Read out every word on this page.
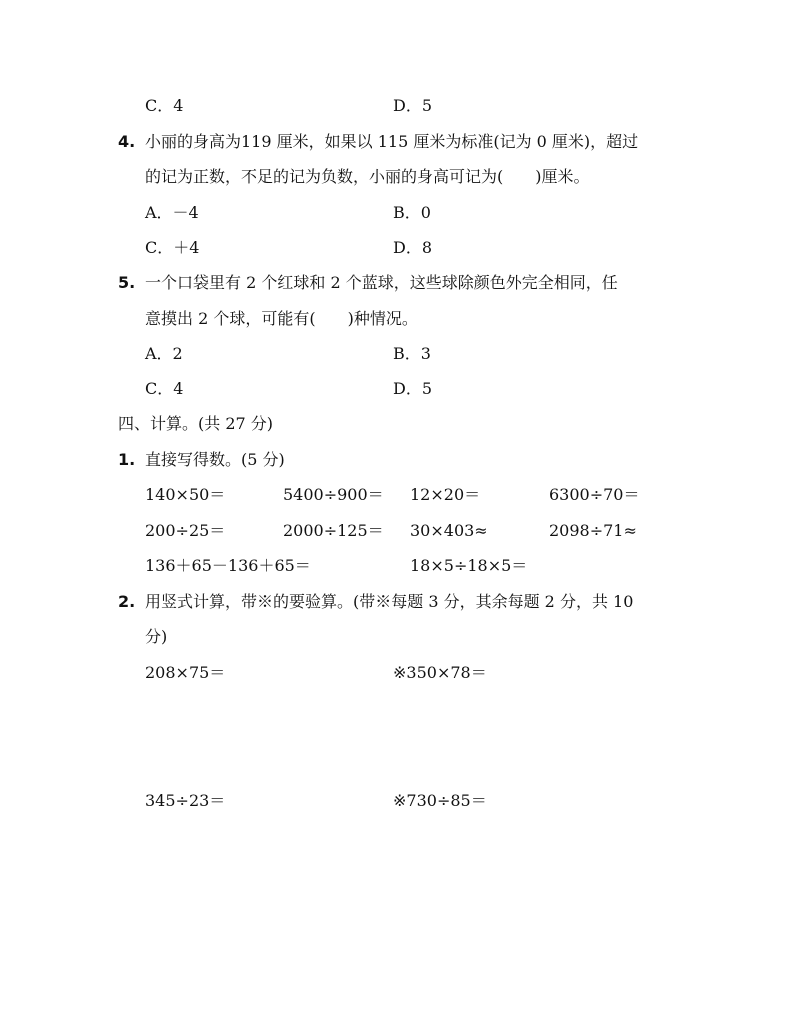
C．4	D．5
4. 小丽的身高为119 厘米，如果以 115 厘米为标准(记为 0 厘米)，超过
的记为正数，不足的记为负数，小丽的身高可记为(　　)厘米。
A．－4	B．0
C．＋4	D．8
5. 一个口袋里有 2 个红球和 2 个蓝球，这些球除颜色外完全相同，任
意摸出 2 个球，可能有(　　)种情况。
A．2	B．3
C．4	D．5
四、计算。(共 27 分)
1. 直接写得数。(5 分)
140×50＝	5400÷900＝ 12×20＝	6300÷70＝
200÷25＝	2000÷125＝ 30×403≈	2098÷71≈
136＋65－136＋65＝	18×5÷18×5＝
2. 用竖式计算，带※的要验算。(带※每题 3 分，其余每题 2 分，共 10
分)
208×75＝	※350×78＝
345÷23＝	※730÷85＝
